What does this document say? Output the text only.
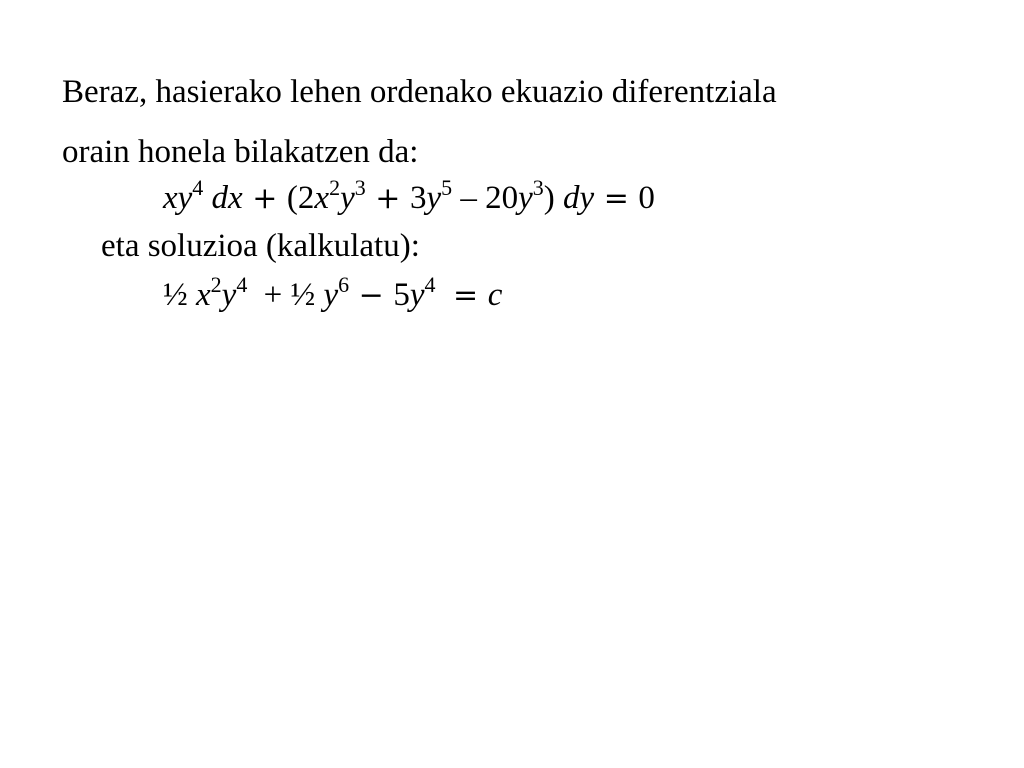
Beraz, hasierako lehen ordenako ekuazio diferentziala
orain honela bilakatzen da:
$xy^4$ dx + $(2x^2y^3 + 3y^5 - 20y^3)$ dy = 0
eta soluzioa (kalkulatu):
½ $x^2y^4$ + ½ $y^6 - 5y^4 = c$
